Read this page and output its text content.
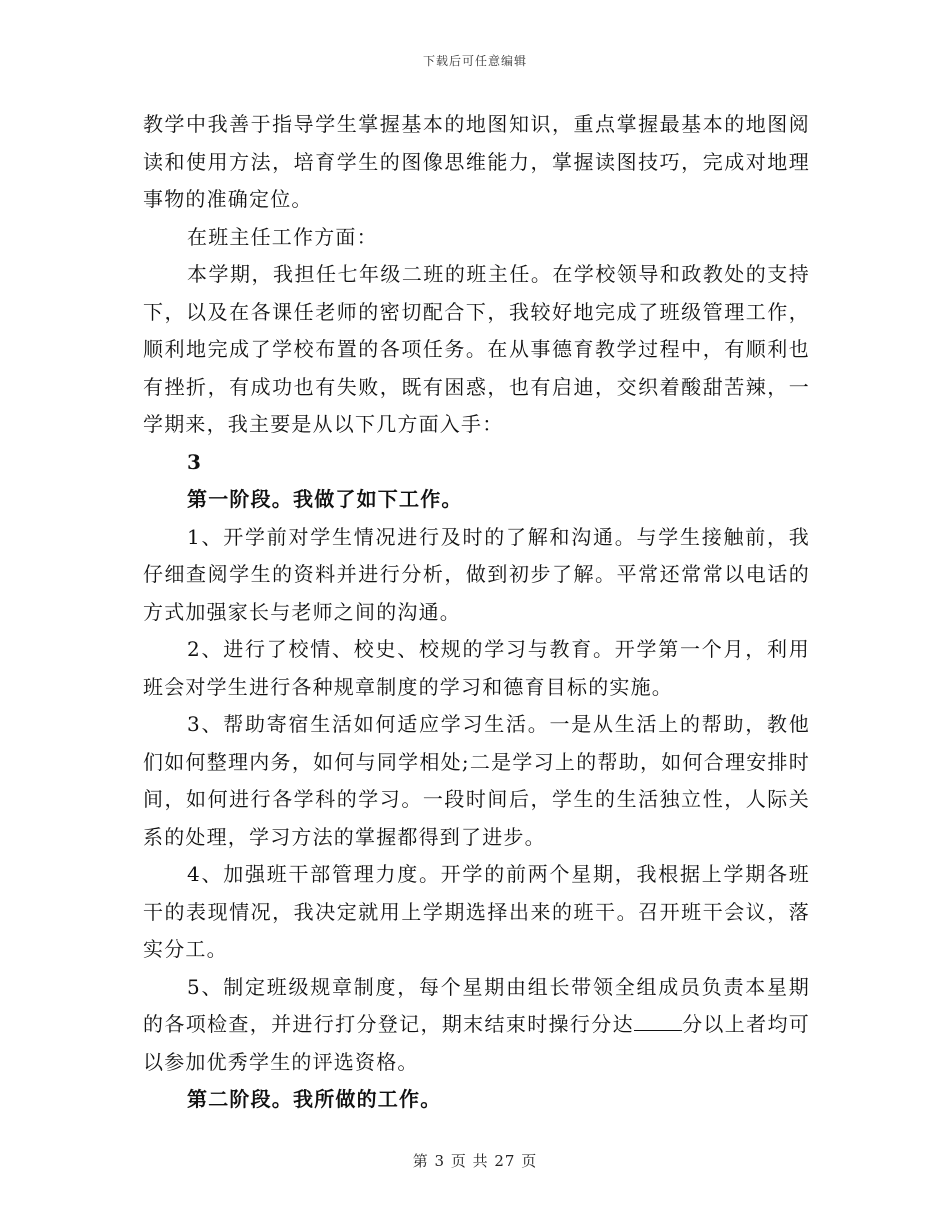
下载后可任意编辑

教学中我善于指导学生掌握基本的地图知识，重点掌握最基本的地图阅读和使用方法，培育学生的图像思维能力，掌握读图技巧，完成对地理事物的准确定位。

在班主任工作方面：

本学期，我担任七年级二班的班主任。在学校领导和政教处的支持下，以及在各课任老师的密切配合下，我较好地完成了班级管理工作，顺利地完成了学校布置的各项任务。在从事德育教学过程中，有顺利也有挫折，有成功也有失败，既有困惑，也有启迪，交织着酸甜苦辣，一学期来，我主要是从以下几方面入手：

3

第一阶段。我做了如下工作。

1、开学前对学生情况进行及时的了解和沟通。与学生接触前，我仔细查阅学生的资料并进行分析，做到初步了解。平常还常常以电话的方式加强家长与老师之间的沟通。

2、进行了校情、校史、校规的学习与教育。开学第一个月，利用班会对学生进行各种规章制度的学习和德育目标的实施。

3、帮助寄宿生活如何适应学习生活。一是从生活上的帮助，教他们如何整理内务，如何与同学相处;二是学习上的帮助，如何合理安排时间，如何进行各学科的学习。一段时间后，学生的生活独立性，人际关系的处理，学习方法的掌握都得到了进步。

4、加强班干部管理力度。开学的前两个星期，我根据上学期各班干的表现情况，我决定就用上学期选择出来的班干。召开班干会议，落实分工。

5、制定班级规章制度，每个星期由组长带领全组成员负责本星期的各项检查，并进行打分登记，期末结束时操行分达 分以上者均可以参加优秀学生的评选资格。

第二阶段。我所做的工作。

第 3 页 共 27 页
